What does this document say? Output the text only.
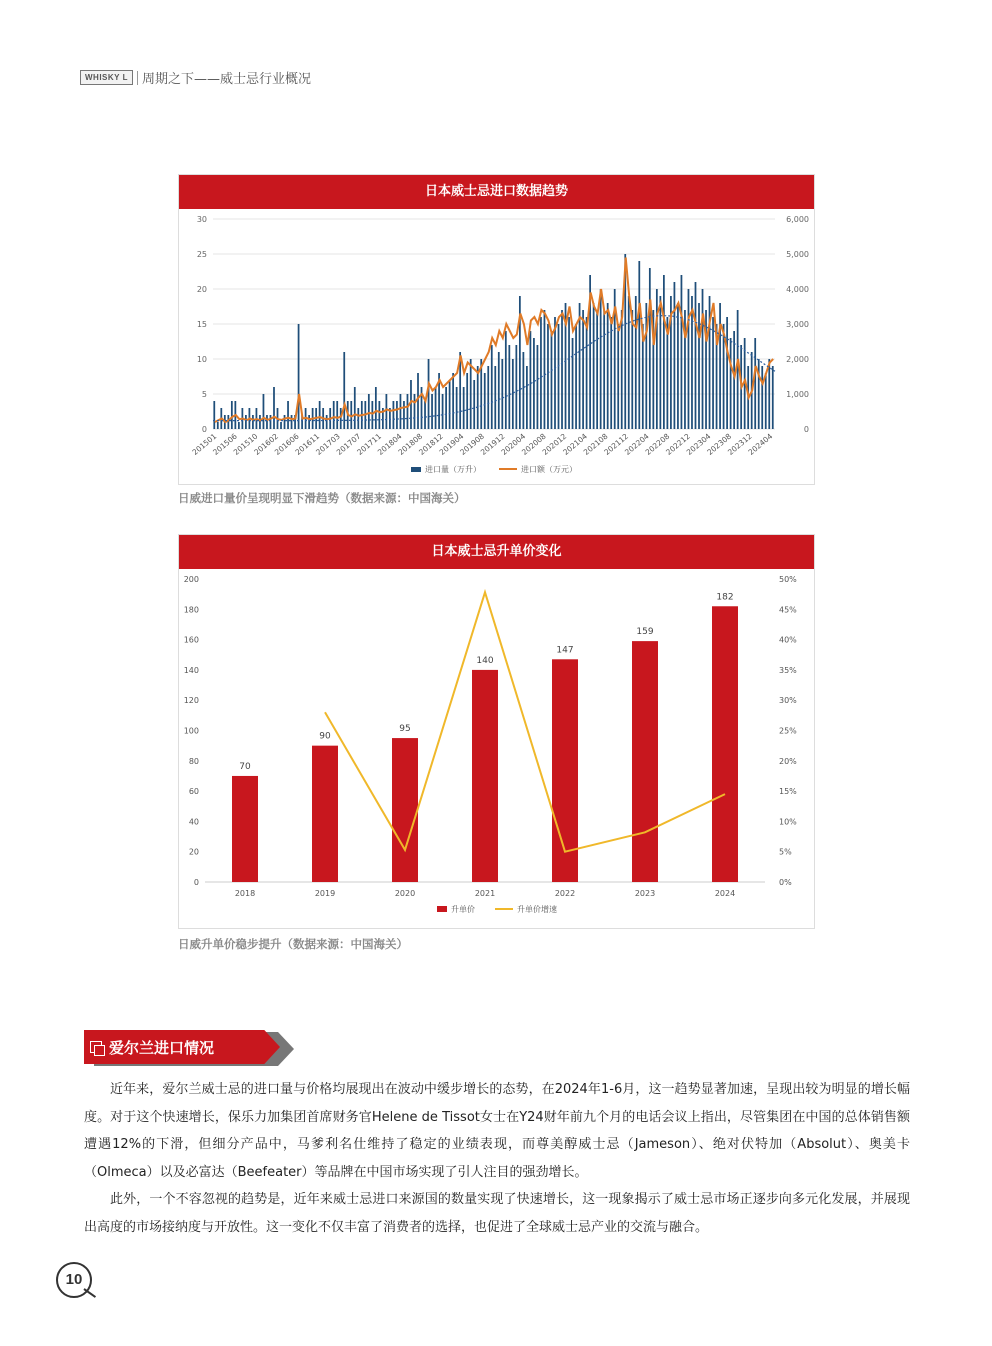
WHISKY L	周期之下——威士忌行业概况
日本威士忌进口数据趋势
0
5
10
15
20
25
30
0
1,000
2,000
3,000
4,000
5,000
6,000
201501
201506
201510
201602
201606
201611
201703
201707
201711
201804
201808
201812
201904
201908
201912
202004
202008
202012
202104
202108
202112
202204
202208
202212
202304
202308
202312
202404
进口量（万升）	进口额（万元）
日威进口量价呈现明显下滑趋势（数据来源：中国海关）
日本威士忌升单价变化
0
20
40
60
80
100
120
140
160
180
200
0%
5%
10%
15%
20%
25%
30%
35%
40%
45%
50%
70
2018
90
2019
95
2020
140
2021
147
2022
159
2023
182
2024
升单价	升单价增速
日威升单价稳步提升（数据来源：中国海关）
爱尔兰进口情况

近年来，爱尔兰威士忌的进口量与价格均展现出在波动中缓步增长的态势，在2024年1-6月，这一趋势显著加速，呈现出较为明显的增长幅度。对于这个快速增长，保乐力加集团首席财务官Helene de Tissot女士在Y24财年前九个月的电话会议上指出，尽管集团在中国的总体销售额遭遇12%的下滑，但细分产品中，马爹利名仕维持了稳定的业绩表现，而尊美醇威士忌（Jameson）、绝对伏特加（Absolut）、奥美卡（Olmeca）以及必富达（Beefeater）等品牌在中国市场实现了引人注目的强劲增长。

此外，一个不容忽视的趋势是，近年来威士忌进口来源国的数量实现了快速增长，这一现象揭示了威士忌市场正逐步向多元化发展，并展现出高度的市场接纳度与开放性。这一变化不仅丰富了消费者的选择，也促进了全球威士忌产业的交流与融合。

10
